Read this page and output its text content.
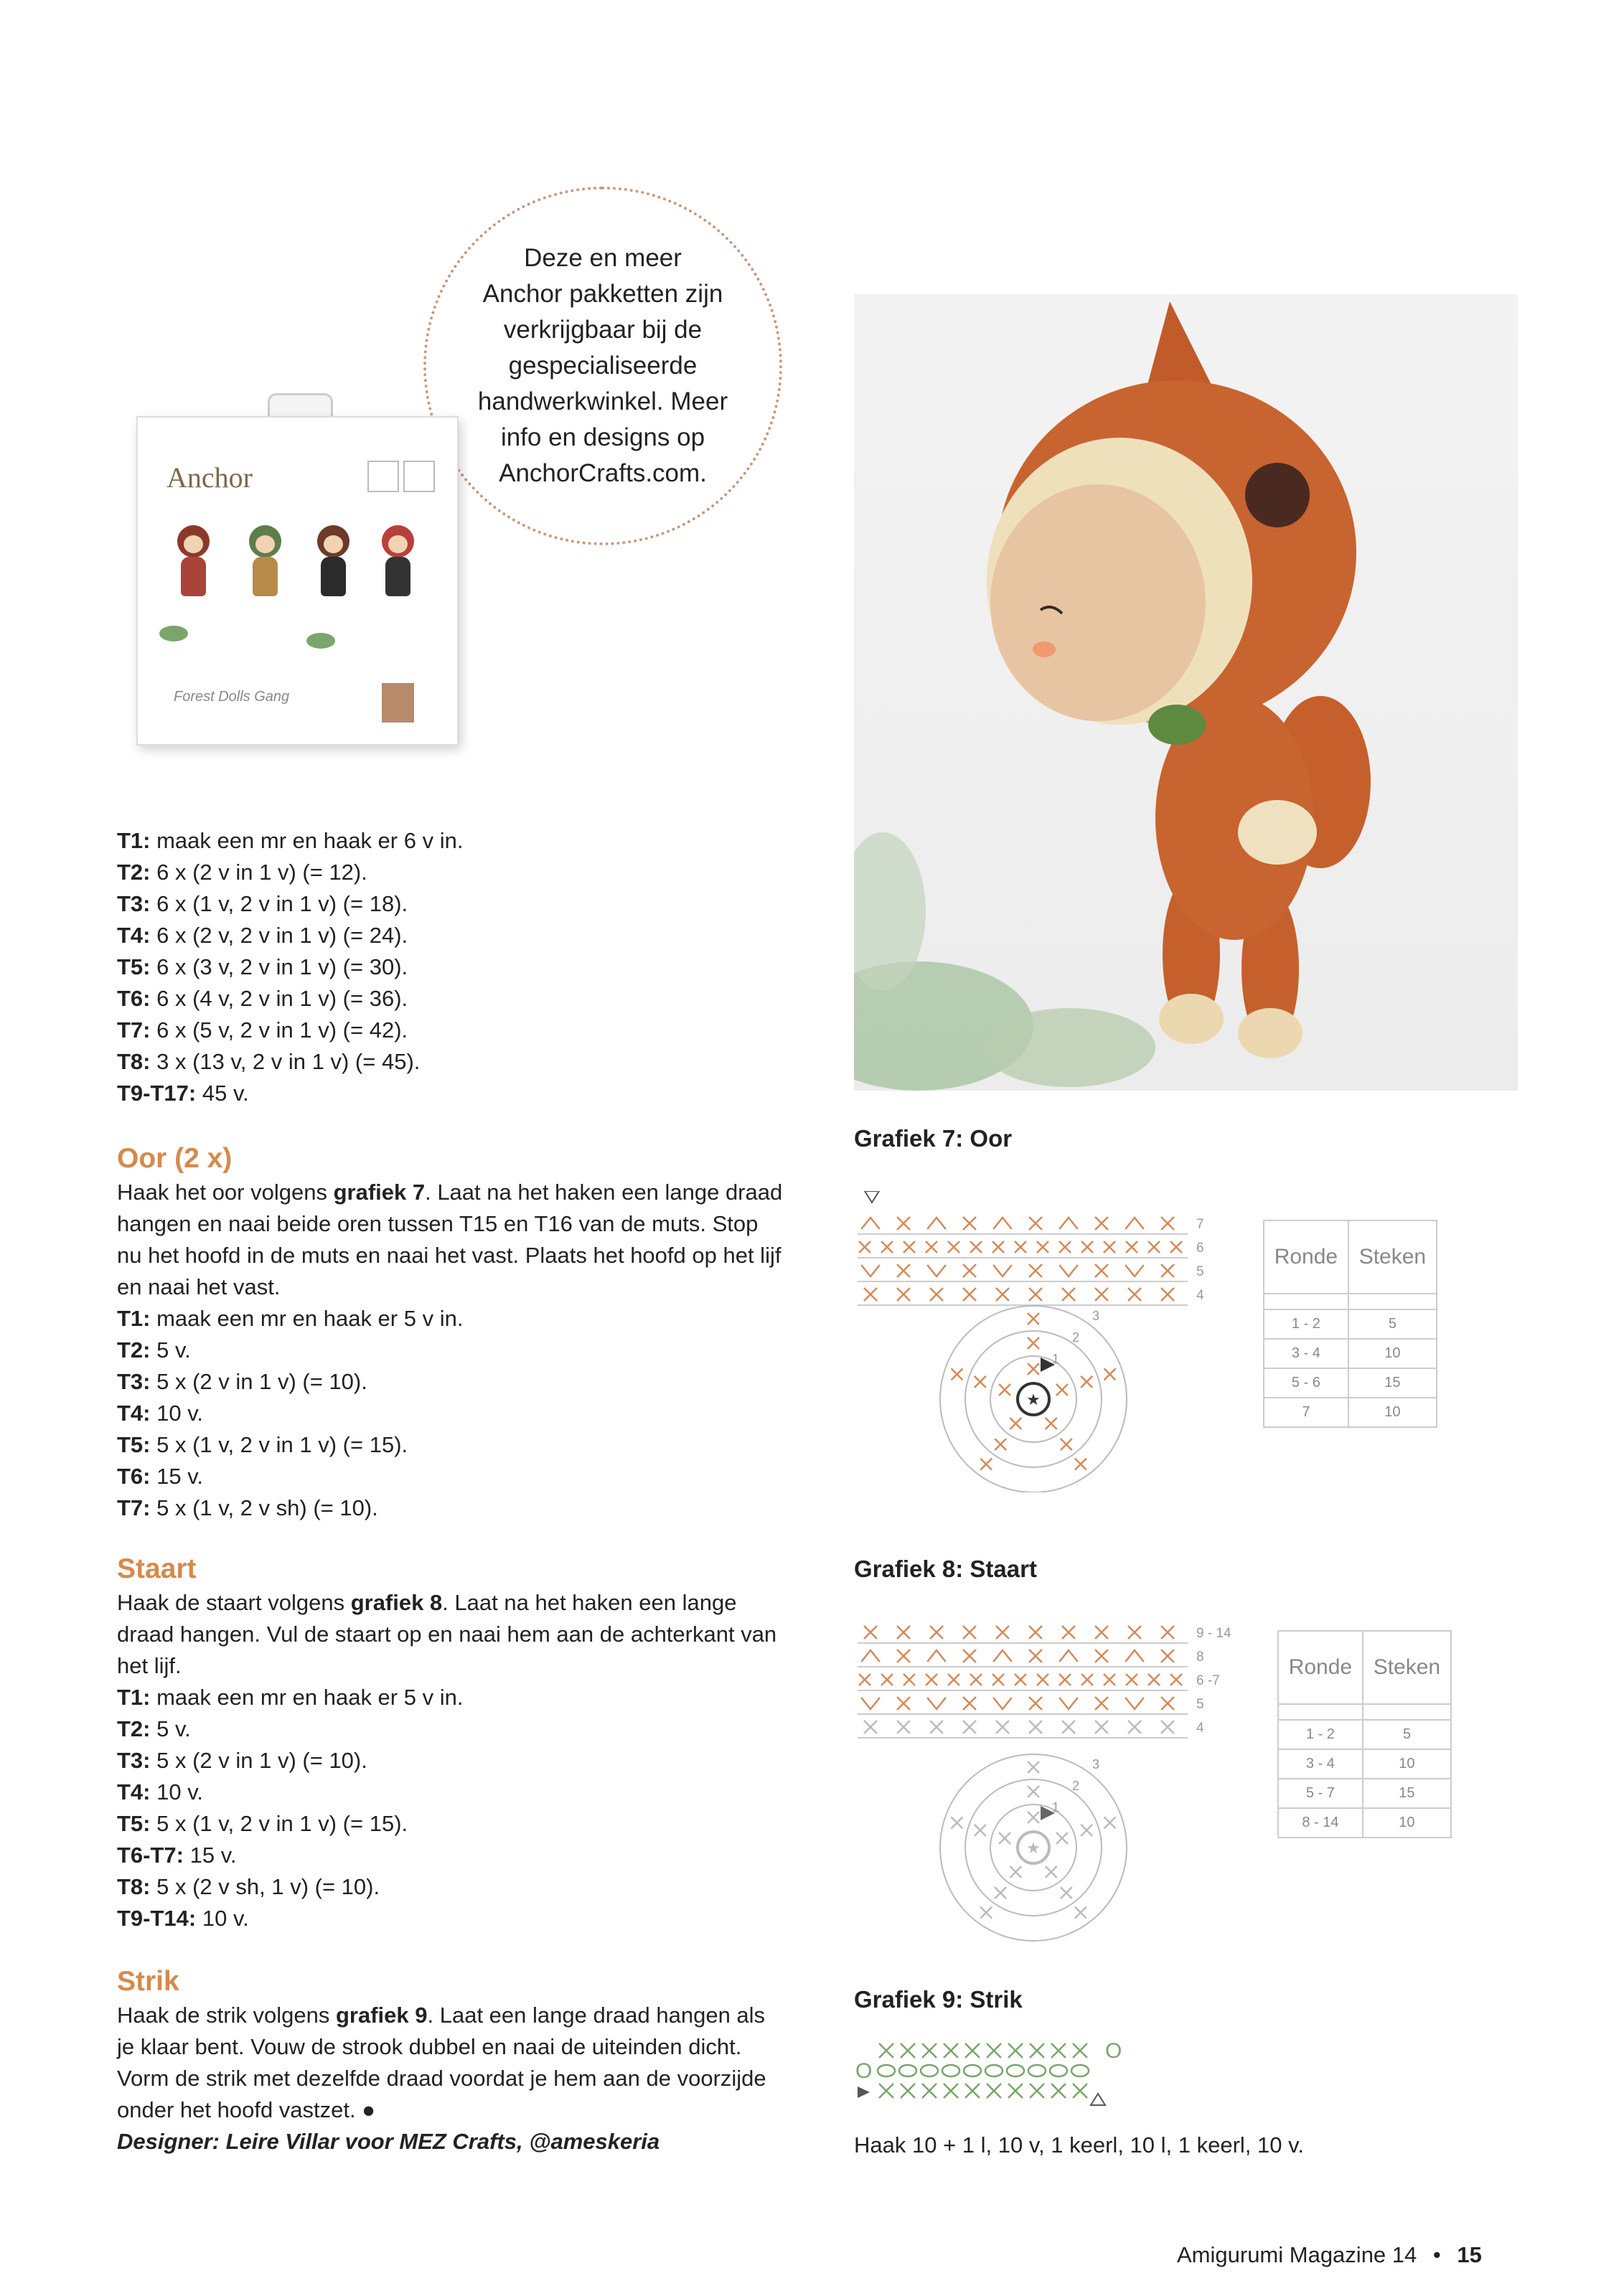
Deze en meer
Anchor pakketten zijn
verkrijgbaar bij de
gespecialiseerde
handwerkwinkel. Meer
info en designs op
AnchorCrafts.com.
Anchor
Forest Dolls Gang

T1: maak een mr en haak er 6 v in.

T2: 6 x (2 v in 1 v) (= 12).

T3: 6 x (1 v, 2 v in 1 v) (= 18).

T4: 6 x (2 v, 2 v in 1 v) (= 24).

T5: 6 x (3 v, 2 v in 1 v) (= 30).

T6: 6 x (4 v, 2 v in 1 v) (= 36).

T7: 6 x (5 v, 2 v in 1 v) (= 42).

T8: 3 x (13 v, 2 v in 1 v) (= 45).

T9-T17: 45 v.

Oor (2 x)

Haak het oor volgens grafiek 7. Laat na het haken een lange draad hangen en naai beide oren tussen T15 en T16 van de muts. Stop nu het hoofd in de muts en naai het vast. Plaats het hoofd op het lijf en naai het vast.

T1: maak een mr en haak er 5 v in.

T2: 5 v.

T3: 5 x (2 v in 1 v) (= 10).

T4: 10 v.

T5: 5 x (1 v, 2 v in 1 v) (= 15).

T6: 15 v.

T7: 5 x (1 v, 2 v sh) (= 10).

Staart

Haak de staart volgens grafiek 8. Laat na het haken een lange draad hangen. Vul de staart op en naai hem aan de achterkant van het lijf.

T1: maak een mr en haak er 5 v in.

T2: 5 v.

T3: 5 x (2 v in 1 v) (= 10).

T4: 10 v.

T5: 5 x (1 v, 2 v in 1 v) (= 15).

T6-T7: 15 v.

T8: 5 x (2 v sh, 1 v) (= 10).

T9-T14: 10 v.

Strik

Haak de strik volgens grafiek 9. Laat een lange draad hangen als je klaar bent. Vouw de strook dubbel en naai de uiteinden dicht. Vorm de strik met dezelfde draad voordat je hem aan de voorzijde onder het hoofd vastzet. ●

Designer: Leire Villar voor MEZ Crafts, @ameskeria

Grafiek 7: Oor
7
6
5
4
★
1
2
3
Ronde	Steken

1 - 2	5
3 - 4	10
5 - 6	15
7	10
Grafiek 8: Staart
9 - 14
8
6 -7
5
4
★
1
2
3
Ronde	Steken

1 - 2	5
3 - 4	10
5 - 7	15
8 - 14	10
Grafiek 9: Strik
O
O
Haak 10 + 1 l, 10 v, 1 keerl, 10 l, 1 keerl, 10 v.
Amigurumi Magazine 14 • 15
